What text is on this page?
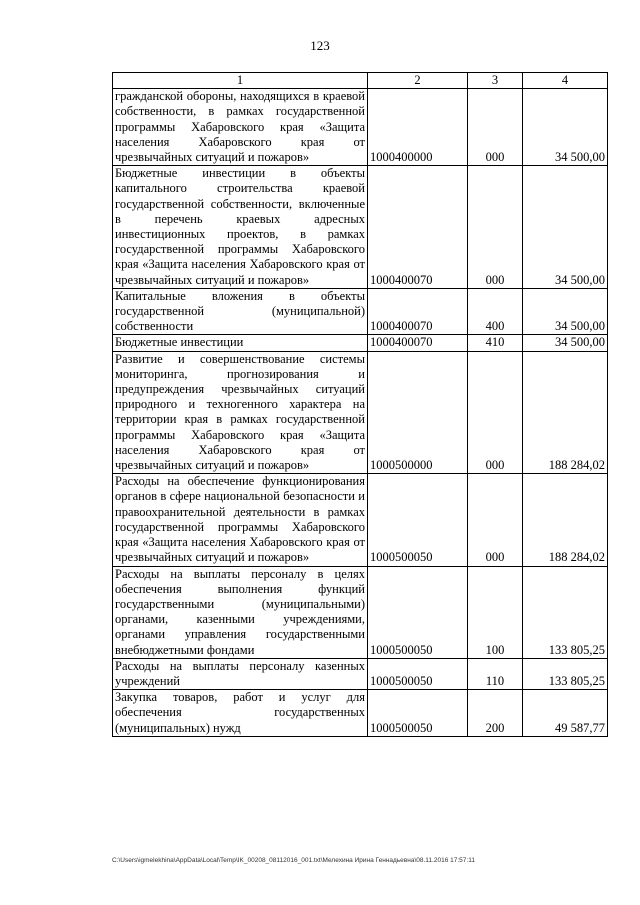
123
1	2	3	4
гражданской обороны, находящихся в краевой собственности, в рамках государственной программы Хабаровского края «Защита населения Хабаровского края от чрезвычайных ситуаций и пожаров»	1000400000	000	34 500,00
Бюджетные инвестиции в объекты капитального строительства краевой государственной собственности, включенные в перечень краевых адресных инвестиционных проектов, в рамках государственной программы Хабаровского края «Защита населения Хабаровского края от чрезвычайных ситуаций и пожаров»	1000400070	000	34 500,00
Капитальные вложения в объекты государственной (муниципальной) собственности	1000400070	400	34 500,00
Бюджетные инвестиции	1000400070	410	34 500,00
Развитие и совершенствование системы мониторинга, прогнозирования и предупреждения чрезвычайных ситуаций природного и техногенного характера на территории края в рамках государственной программы Хабаровского края «Защита населения Хабаровского края от чрезвычайных ситуаций и пожаров»	1000500000	000	188 284,02
Расходы на обеспечение функционирования органов в сфере национальной безопасности и правоохранительной деятельности в рамках государственной программы Хабаровского края «Защита населения Хабаровского края от чрезвычайных ситуаций и пожаров»	1000500050	000	188 284,02
Расходы на выплаты персоналу в целях обеспечения выполнения функций государственными (муниципальными) органами, казенными учреждениями, органами управления государственными внебюджетными фондами	1000500050	100	133 805,25
Расходы на выплаты персоналу казенных учреждений	1000500050	110	133 805,25
Закупка товаров, работ и услуг для обеспечения государственных (муниципальных) нужд	1000500050	200	49 587,77
C:\Users\igmelekhina\AppData\Local\Temp\IK_00208_08112016_001.txt\Мелехина Ирина Геннадьевна\08.11.2016 17:57:11
